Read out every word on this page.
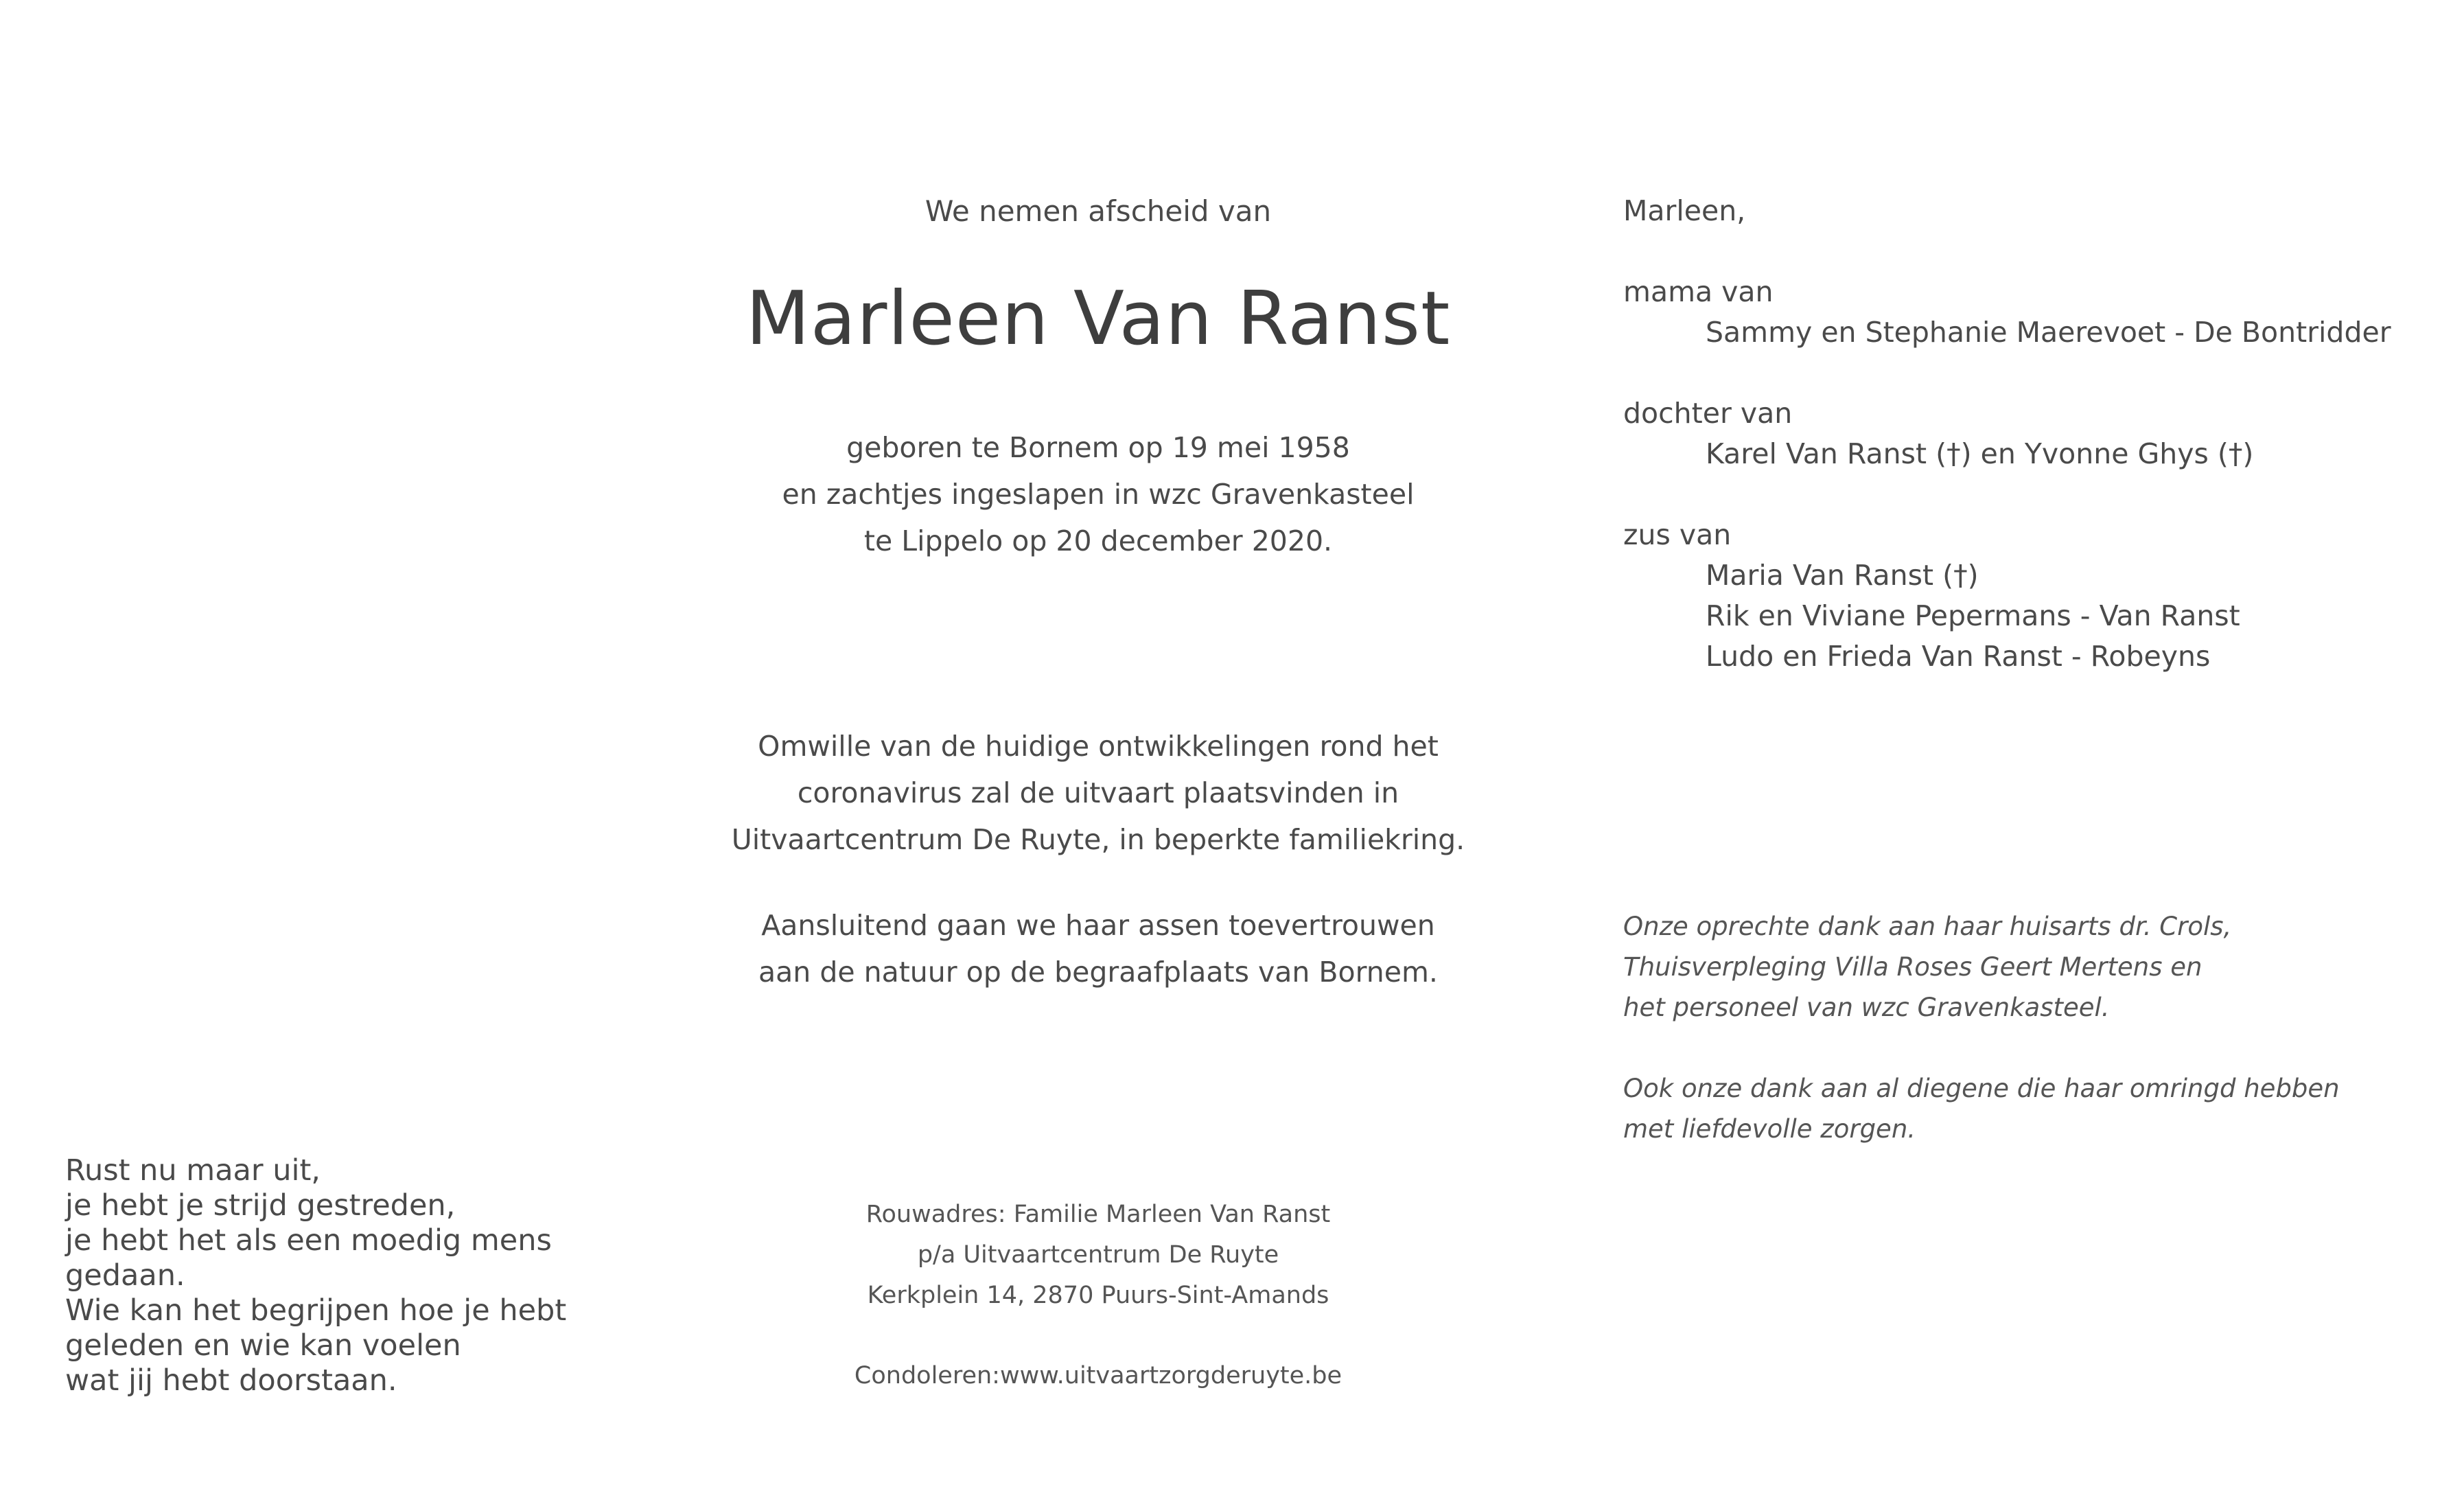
We nemen afscheid van
Marleen Van Ranst
geboren te Bornem op 19 mei 1958
en zachtjes ingeslapen in wzc Gravenkasteel
te Lippelo op 20 december 2020.
Omwille van de huidige ontwikkelingen rond het
coronavirus zal de uitvaart plaatsvinden in
Uitvaartcentrum De Ruyte, in beperkte familiekring.
Aansluitend gaan we haar assen toevertrouwen
aan de natuur op de begraafplaats van Bornem.
Rouwadres: Familie Marleen Van Ranst
p/a Uitvaartcentrum De Ruyte
Kerkplein 14, 2870 Puurs-Sint-Amands
Condoleren:www.uitvaartzorgderuyte.be
Rust nu maar uit,
je hebt je strijd gestreden,
je hebt het als een moedig mens
gedaan.
Wie kan het begrijpen hoe je hebt
geleden en wie kan voelen
wat jij hebt doorstaan.
Marleen,
mama van
Sammy en Stephanie Maerevoet - De Bontridder
dochter van
Karel Van Ranst (†) en Yvonne Ghys (†)
zus van
Maria Van Ranst (†)
Rik en Viviane Pepermans - Van Ranst
Ludo en Frieda Van Ranst - Robeyns
Onze oprechte dank aan haar huisarts dr. Crols,
Thuisverpleging Villa Roses Geert Mertens en
het personeel van wzc Gravenkasteel.
Ook onze dank aan al diegene die haar omringd hebben
met liefdevolle zorgen.
